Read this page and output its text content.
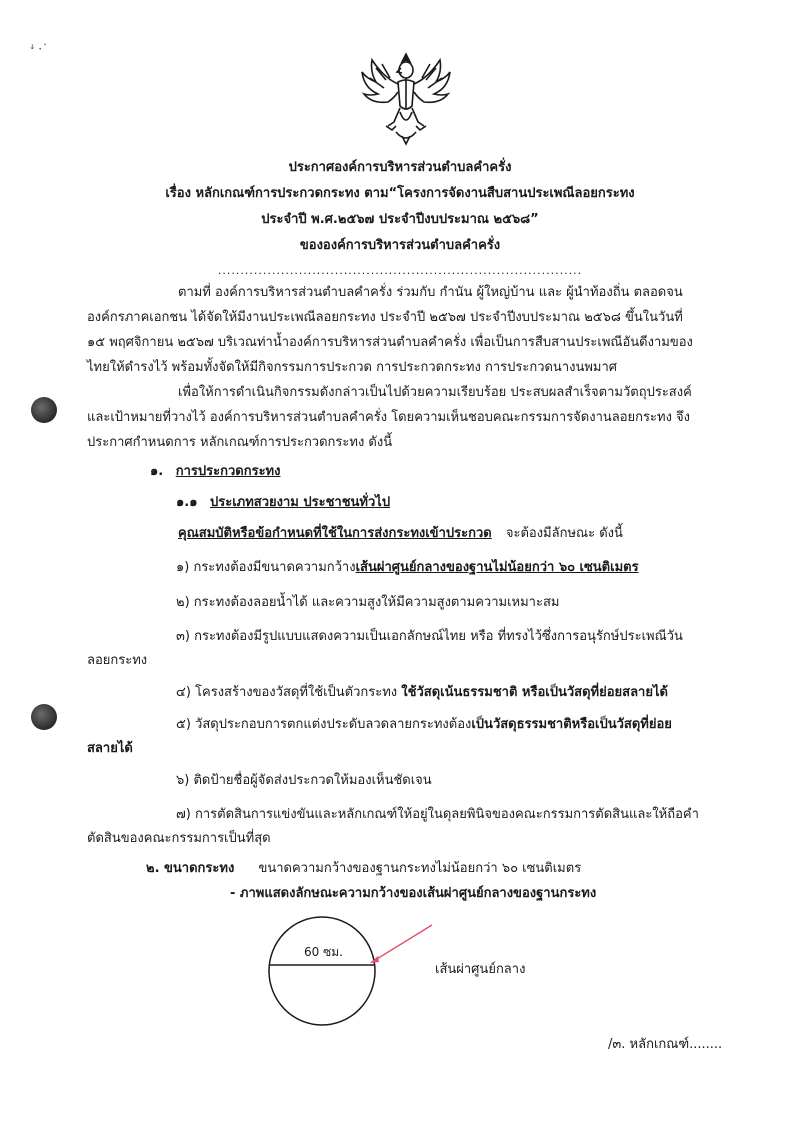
ꜜ ·˙
ประกาศองค์การบริหารส่วนตำบลคำครั่ง
เรื่อง หลักเกณฑ์การประกวดกระทง ตาม“โครงการจัดงานสืบสานประเพณีลอยกระทง
ประจำปี พ.ศ.๒๕๖๗ ประจำปีงบประมาณ ๒๕๖๘”
ขององค์การบริหารส่วนตำบลคำครั่ง
.................................................................................
ตามที่ องค์การบริหารส่วนตำบลคำครั่ง ร่วมกับ กำนัน ผู้ใหญ่บ้าน และ ผู้นำท้องถิ่น ตลอดจน
องค์กรภาคเอกชน ได้จัดให้มีงานประเพณีลอยกระทง ประจำปี ๒๕๖๗ ประจำปีงบประมาณ ๒๕๖๘ ขึ้นในวันที่
๑๕ พฤศจิกายน ๒๕๖๗ บริเวณท่าน้ำองค์การบริหารส่วนตำบลคำครั่ง เพื่อเป็นการสืบสานประเพณีอันดีงามของ
ไทยให้ดำรงไว้ พร้อมทั้งจัดให้มีกิจกรรมการประกวด การประกวดกระทง การประกวดนางนพมาศ
เพื่อให้การดำเนินกิจกรรมดังกล่าวเป็นไปด้วยความเรียบร้อย ประสบผลสำเร็จตามวัตถุประสงค์
และเป้าหมายที่วางไว้ องค์การบริหารส่วนตำบลคำครั่ง โดยความเห็นชอบคณะกรรมการจัดงานลอยกระทง จึง
ประกาศกำหนดการ หลักเกณฑ์การประกวดกระทง ดังนี้
๑. การประกวดกระทง
๑.๑ ประเภทสวยงาม ประชาชนทั่วไป
คุณสมบัติหรือข้อกำหนดที่ใช้ในการส่งกระทงเข้าประกวด จะต้องมีลักษณะ ดังนี้
๑) กระทงต้องมีขนาดความกว้างเส้นผ่าศูนย์กลางของฐานไม่น้อยกว่า ๖๐ เซนติเมตร
๒) กระทงต้องลอยน้ำได้ และความสูงให้มีความสูงตามความเหมาะสม
๓) กระทงต้องมีรูปแบบแสดงความเป็นเอกลักษณ์ไทย หรือ ที่ทรงไว้ซึ่งการอนุรักษ์ประเพณีวัน
ลอยกระทง
๔) โครงสร้างของวัสดุที่ใช้เป็นตัวกระทง ใช้วัสดุเน้นธรรมชาติ หรือเป็นวัสดุที่ย่อยสลายได้
๕) วัสดุประกอบการตกแต่งประดับลวดลายกระทงต้องเป็นวัสดุธรรมชาติหรือเป็นวัสดุที่ย่อย
สลายได้
๖) ติดป้ายชื่อผู้จัดส่งประกวดให้มองเห็นชัดเจน
๗) การตัดสินการแข่งขันและหลักเกณฑ์ให้อยู่ในดุลยพินิจของคณะกรรมการตัดสินและให้ถือคำ
ตัดสินของคณะกรรมการเป็นที่สุด
๒. ขนาดกระทง ขนาดความกว้างของฐานกระทงไม่น้อยกว่า ๖๐ เซนติเมตร
- ภาพแสดงลักษณะความกว้างของเส้นผ่าศูนย์กลางของฐานกระทง
60 ซม.
เส้นผ่าศูนย์กลาง
/๓. หลักเกณฑ์........
